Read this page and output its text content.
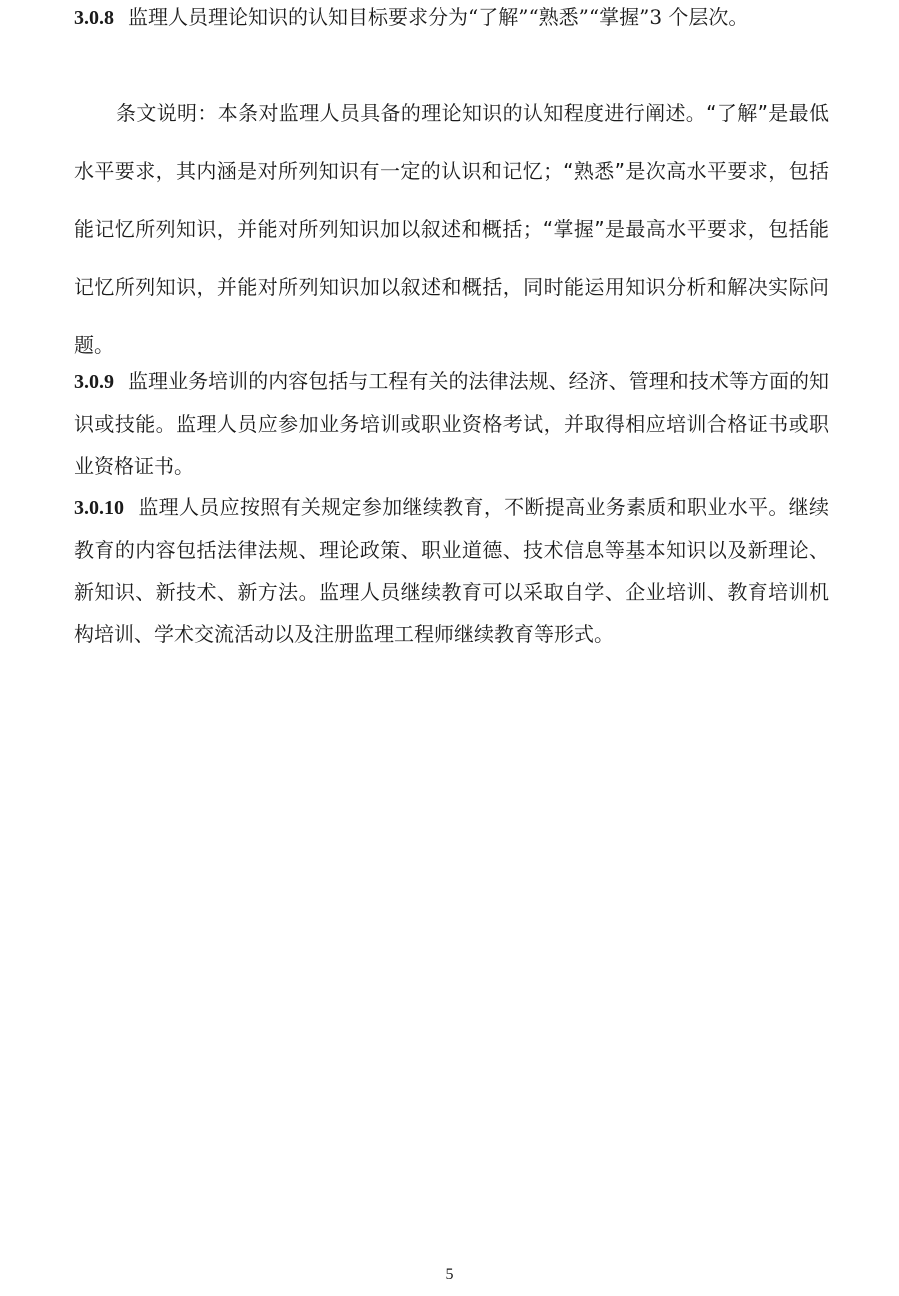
3.0.8 监理人员理论知识的认知目标要求分为“了解”“熟悉”“掌握”3 个层次。

条文说明：本条对监理人员具备的理论知识的认知程度进行阐述。“了解”是最低水平要求，其内涵是对所列知识有一定的认识和记忆；“熟悉”是次高水平要求，包括能记忆所列知识，并能对所列知识加以叙述和概括；“掌握”是最高水平要求，包括能记忆所列知识，并能对所列知识加以叙述和概括，同时能运用知识分析和解决实际问题。

3.0.9 监理业务培训的内容包括与工程有关的法律法规、经济、管理和技术等方面的知识或技能。监理人员应参加业务培训或职业资格考试，并取得相应培训合格证书或职业资格证书。

3.0.10 监理人员应按照有关规定参加继续教育，不断提高业务素质和职业水平。继续教育的内容包括法律法规、理论政策、职业道德、技术信息等基本知识以及新理论、新知识、新技术、新方法。监理人员继续教育可以采取自学、企业培训、教育培训机构培训、学术交流活动以及注册监理工程师继续教育等形式。

5
